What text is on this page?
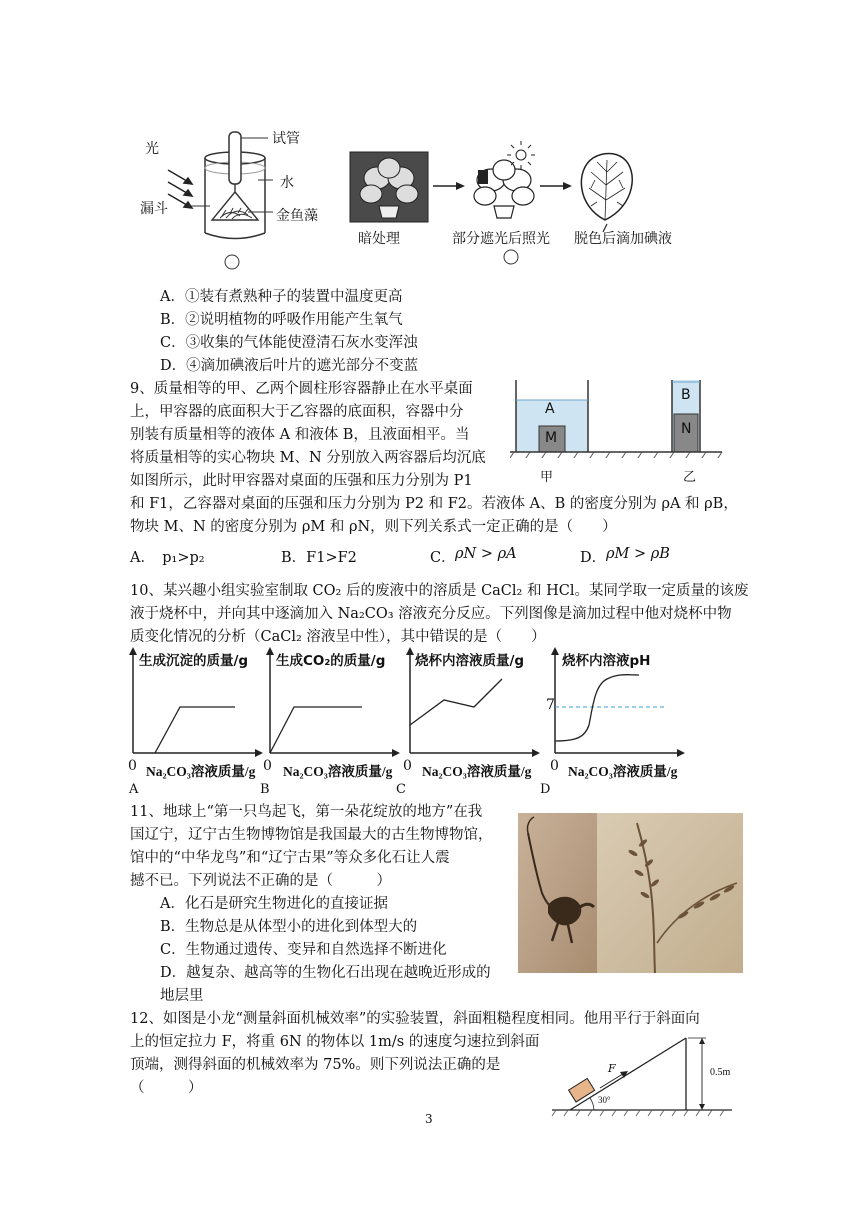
光
试管
水
漏斗	金鱼藻
暗处理	部分遮光后照光 脱色后滴加碘液
A．①装有煮熟种子的装置中温度更高
B．②说明植物的呼吸作用能产生氧气
C．③收集的气体能使澄清石灰水变浑浊
D．④滴加碘液后叶片的遮光部分不变蓝
9、质量相等的甲、乙两个圆柱形容器静止在水平桌面
上，甲容器的底面积大于乙容器的底面积，容器中分
别装有质量相等的液体 A 和液体 B，且液面相平。当
将质量相等的实心物块 M、N 分别放入两容器后均沉底
如图所示，此时甲容器对桌面的压强和压力分别为 P1
和 F1，乙容器对桌面的压强和压力分别为 P2 和 F2。若液体 A、B 的密度分别为 ρA 和 ρB，
物块 M、N 的密度分别为 ρM 和 ρN，则下列关系式一定正确的是（　　）
A
M
B
N
甲	乙
A．　p₁>p₂	B．F1>F2	C． ρN > ρA	D． ρM > ρB
10、某兴趣小组实验室制取 CO₂ 后的废液中的溶质是 CaCl₂ 和 HCl。某同学取一定质量的该废
液于烧杯中，并向其中逐滴加入 Na₂CO₃ 溶液充分反应。下列图像是滴加过程中他对烧杯中物
质变化情况的分析（CaCl₂ 溶液呈中性），其中错误的是（　　）
生成沉淀的质量/g 生成CO₂的质量/g 烧杯内溶液质量/g	烧杯内溶液pH
7
0 Na₂CO₃溶液质量/g 0 Na₂CO₃溶液质量/g 0 Na₂CO₃溶液质量/g 0 Na₂CO₃溶液质量/g
A	B	C	D
11、地球上“第一只鸟起飞，第一朵花绽放的地方”在我
国辽宁，辽宁古生物博物馆是我国最大的古生物博物馆，
馆中的“中华龙鸟”和“辽宁古果”等众多化石让人震
撼不已。下列说法不正确的是（　　　）
A．化石是研究生物进化的直接证据
B．生物总是从体型小的进化到体型大的
C．生物通过遗传、变异和自然选择不断进化
D．越复杂、越高等的生物化石出现在越晚近形成的
地层里
12、如图是小龙“测量斜面机械效率”的实验装置，斜面粗糙程度相同。他用平行于斜面向
上的恒定拉力 F，将重 6N 的物体以 1m/s 的速度匀速拉到斜面
顶端，测得斜面的机械效率为 75%。则下列说法正确的是
（　　　）
F	0.5m
30°
3
